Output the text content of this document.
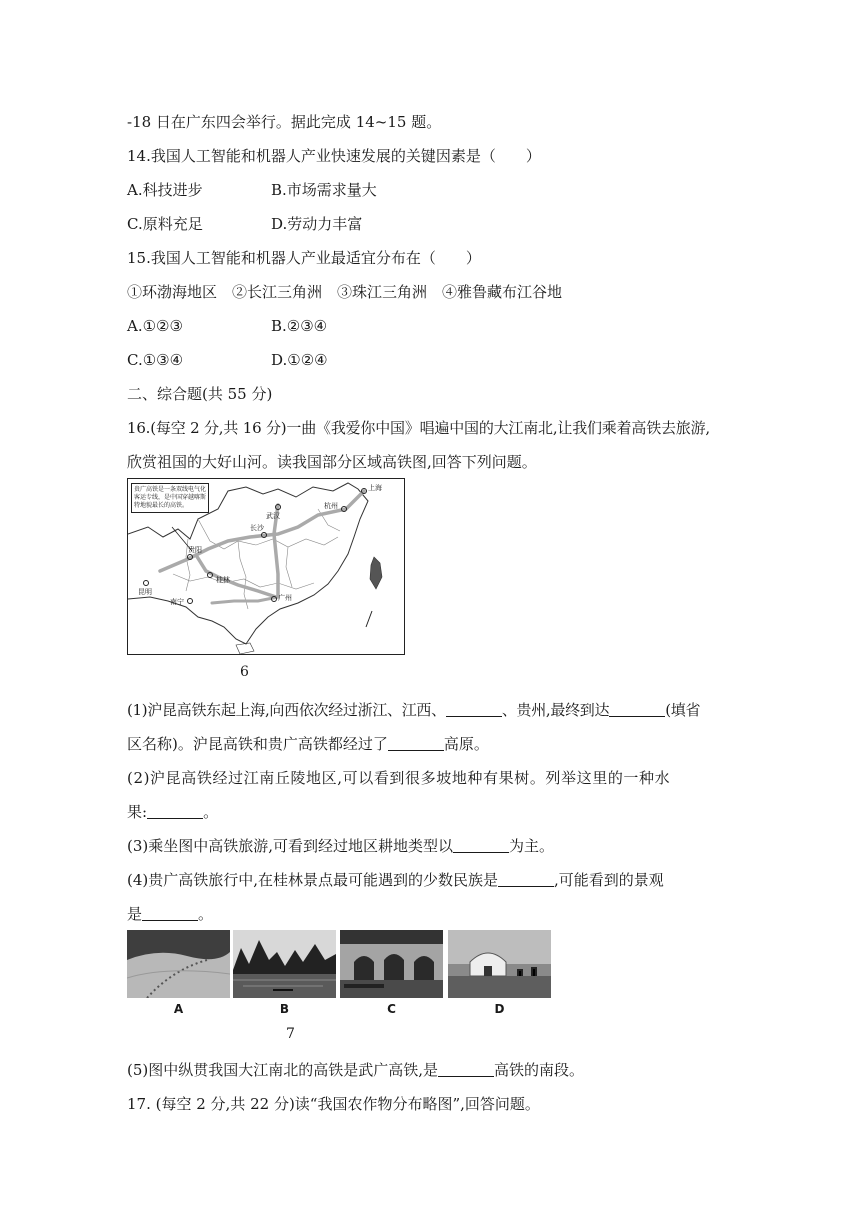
-18 日在广东四会举行。据此完成 14~15 题。
14.我国人工智能和机器人产业快速发展的关键因素是（　　）
A.科技进步	B.市场需求量大
C.原料充足	D.劳动力丰富
15.我国人工智能和机器人产业最适宜分布在（　　）
①环渤海地区　②长江三角洲　③珠江三角洲　④雅鲁藏布江谷地
A.①②③	B.②③④
C.①③④	D.①②④
二、综合题(共 55 分)
16.(每空 2 分,共 16 分)一曲《我爱你中国》唱遍中国的大江南北,让我们乘着高铁去旅游,
欣赏祖国的大好山河。读我国部分区域高铁图,回答下列问题。
贵广高铁是一条双线电气化客运专线，是中国穿越喀斯特地貌最长的高铁。
上海
武汉
杭州
长沙
贵阳
桂林
昆明
南宁	广州
6
(1)沪昆高铁东起上海,向西依次经过浙江、江西、	、贵州,最终到达	(填省
区名称)。沪昆高铁和贵广高铁都经过了	高原。
(2)沪昆高铁经过江南丘陵地区,可以看到很多坡地种有果树。列举这里的一种水
果:	。
(3)乘坐图中高铁旅游,可看到经过地区耕地类型以	为主。
(4)贵广高铁旅行中,在桂林景点最可能遇到的少数民族是	,可能看到的景观
是	。
A	B	C	D
7
(5)图中纵贯我国大江南北的高铁是武广高铁,是	高铁的南段。
17. (每空 2 分,共 22 分)读“我国农作物分布略图”,回答问题。
